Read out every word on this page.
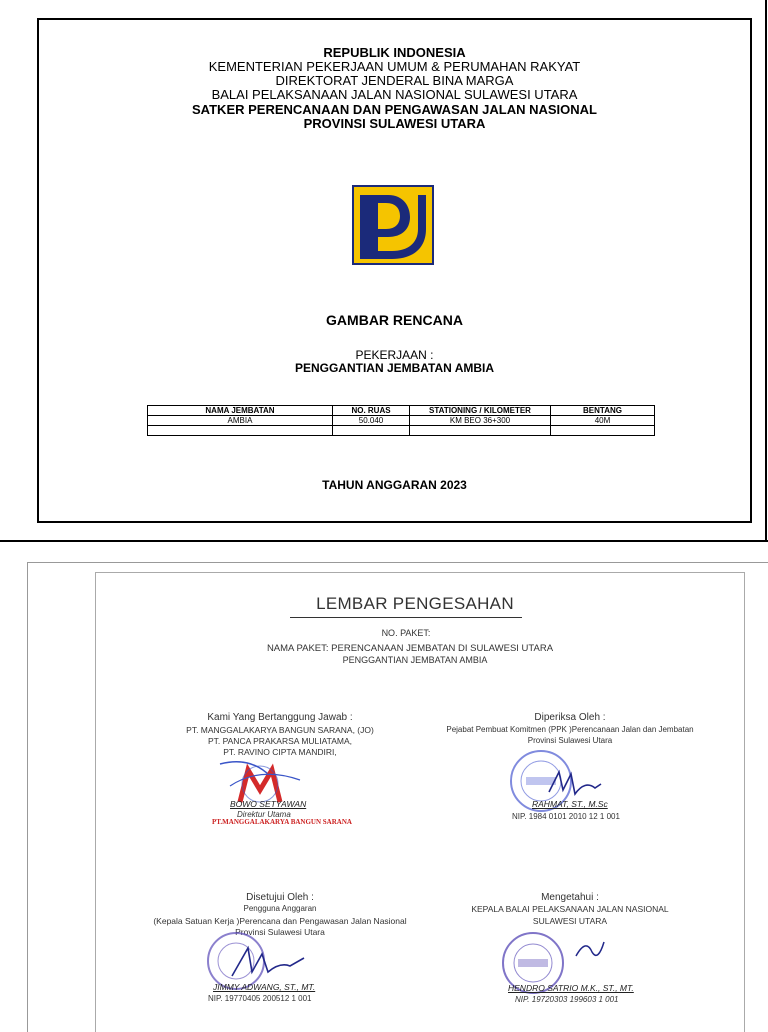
REPUBLIK INDONESIA
KEMENTERIAN PEKERJAAN UMUM & PERUMAHAN RAKYAT
DIREKTORAT JENDERAL BINA MARGA
BALAI PELAKSANAAN JALAN NASIONAL SULAWESI UTARA
SATKER PERENCANAAN DAN PENGAWASAN JALAN NASIONAL
PROVINSI SULAWESI UTARA
GAMBAR RENCANA
PEKERJAAN :
PENGGANTIAN JEMBATAN AMBIA
NAMA JEMBATAN	NO. RUAS	STATIONING / KILOMETER	BENTANG
AMBIA	50.040	KM BEO 36+300	40M

TAHUN ANGGARAN 2023
LEMBAR PENGESAHAN
NO. PAKET:
NAMA PAKET: PERENCANAAN JEMBATAN DI SULAWESI UTARA
PENGGANTIAN JEMBATAN AMBIA
Kami Yang Bertanggung Jawab :
PT. MANGGALAKARYA BANGUN SARANA, (JO)
PT. PANCA PRAKARSA MULIATAMA,
PT. RAVINO CIPTA MANDIRI,
BOWO SETYAWAN
Direktur Utama
PT.MANGGALAKARYA BANGUN SARANA
Diperiksa Oleh :
Pejabat Pembuat Komitmen (PPK )Perencanaan Jalan dan Jembatan
Provinsi Sulawesi Utara
RAHMAT, ST., M.Sc
NIP. 1984 0101 2010 12 1 001
Disetujui Oleh :
Pengguna Anggaran
(Kepala Satuan Kerja )Perencana dan Pengawasan Jalan Nasional
Provinsi Sulawesi Utara
JIMMY ADWANG, ST., MT.
NIP. 19770405 200512 1 001
Mengetahui :
KEPALA BALAI PELAKSANAAN JALAN NASIONAL
SULAWESI UTARA
HENDRO SATRIO M.K., ST., MT.
NIP. 19720303 199603 1 001
